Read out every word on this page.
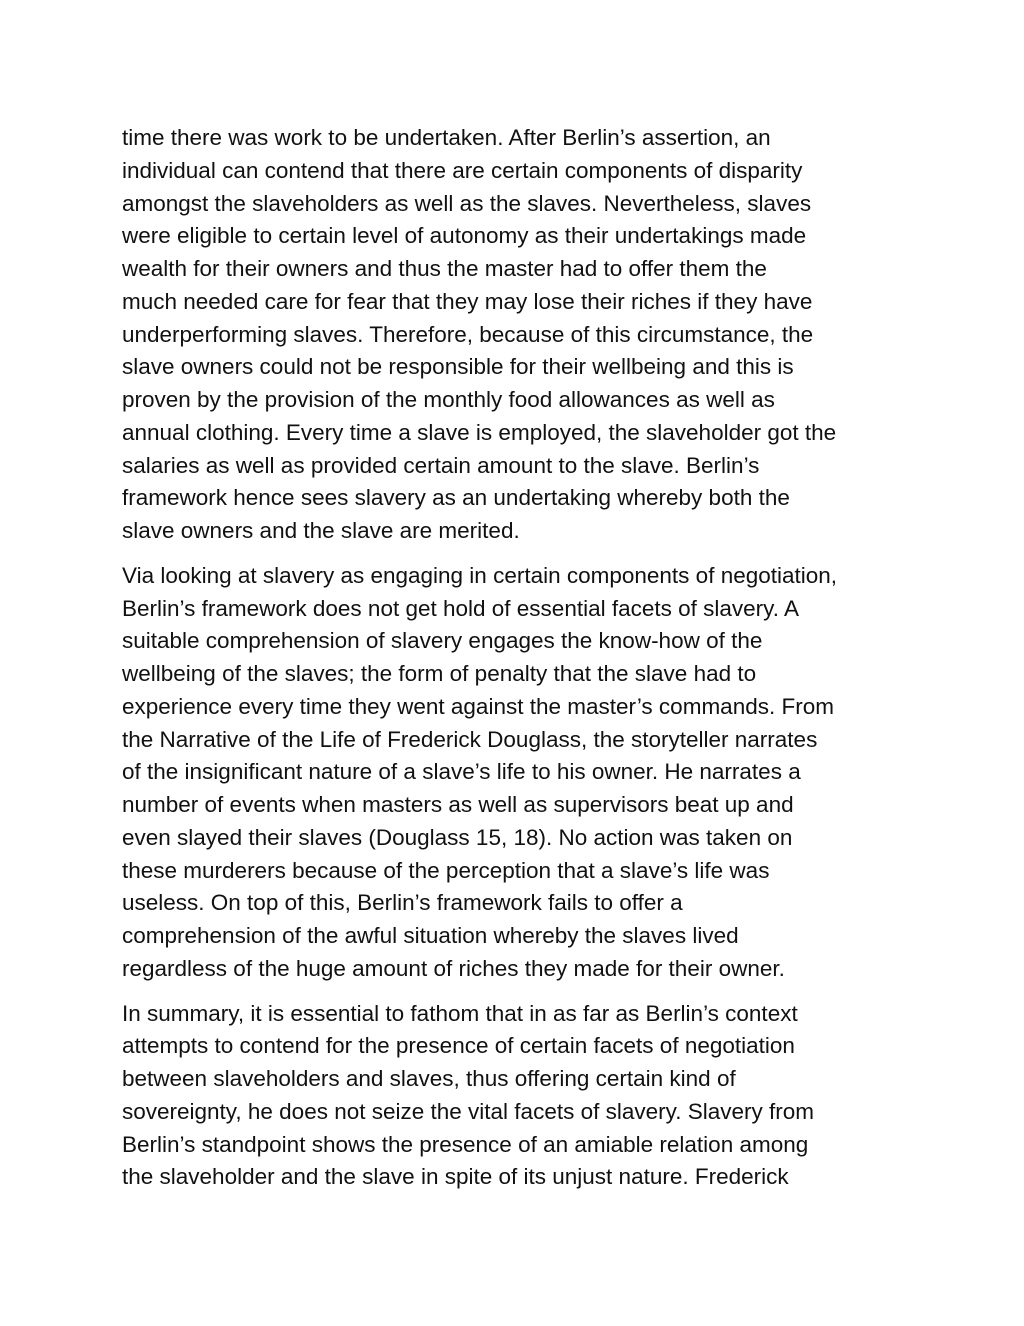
time there was work to be undertaken. After Berlin’s assertion, an
individual can contend that there are certain components of disparity
amongst the slaveholders as well as the slaves. Nevertheless, slaves
were eligible to certain level of autonomy as their undertakings made
wealth for their owners and thus the master had to offer them the
much needed care for fear that they may lose their riches if they have
underperforming slaves. Therefore, because of this circumstance, the
slave owners could not be responsible for their wellbeing and this is
proven by the provision of the monthly food allowances as well as
annual clothing. Every time a slave is employed, the slaveholder got the
salaries as well as provided certain amount to the slave. Berlin’s
framework hence sees slavery as an undertaking whereby both the
slave owners and the slave are merited.

Via looking at slavery as engaging in certain components of negotiation,
Berlin’s framework does not get hold of essential facets of slavery. A
suitable comprehension of slavery engages the know-how of the
wellbeing of the slaves; the form of penalty that the slave had to
experience every time they went against the master’s commands. From
the Narrative of the Life of Frederick Douglass, the storyteller narrates
of the insignificant nature of a slave’s life to his owner. He narrates a
number of events when masters as well as supervisors beat up and
even slayed their slaves (Douglass 15, 18). No action was taken on
these murderers because of the perception that a slave’s life was
useless. On top of this, Berlin’s framework fails to offer a
comprehension of the awful situation whereby the slaves lived
regardless of the huge amount of riches they made for their owner.

In summary, it is essential to fathom that in as far as Berlin’s context
attempts to contend for the presence of certain facets of negotiation
between slaveholders and slaves, thus offering certain kind of
sovereignty, he does not seize the vital facets of slavery. Slavery from
Berlin’s standpoint shows the presence of an amiable relation among
the slaveholder and the slave in spite of its unjust nature. Frederick
